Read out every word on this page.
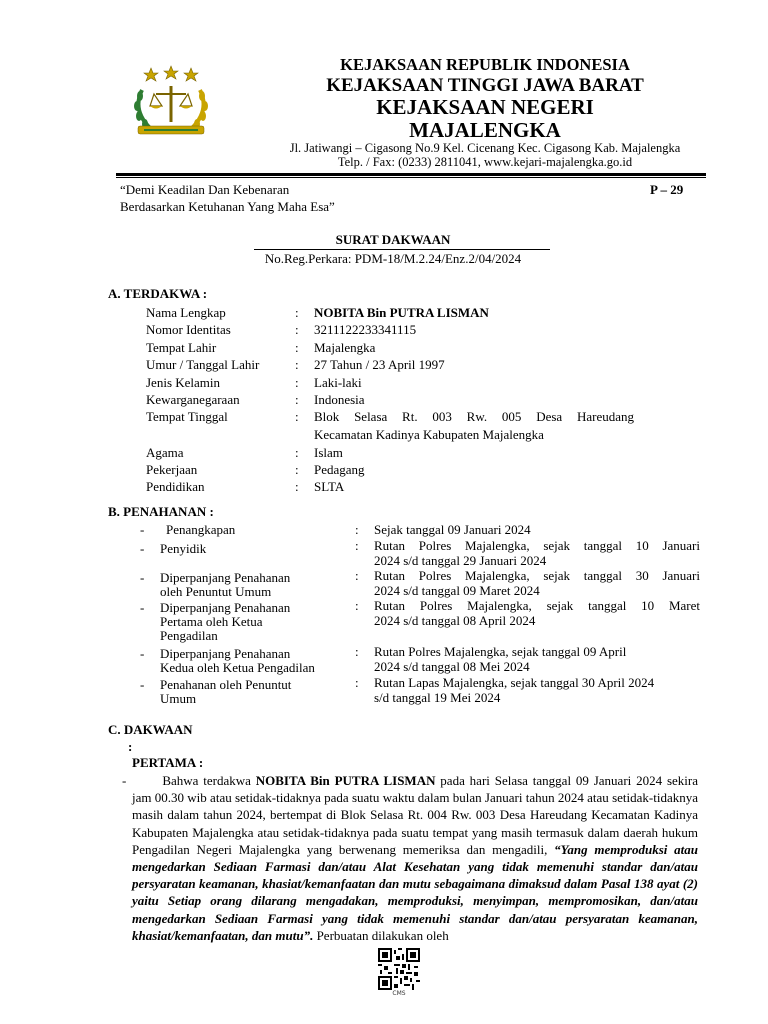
KEJAKSAAN REPUBLIK INDONESIA
KEJAKSAAN TINGGI JAWA BARAT
KEJAKSAAN NEGERI
MAJALENGKA
Jl. Jatiwangi – Cigasong No.9 Kel. Cicenang Kec. Cigasong Kab. Majalengka
Telp. / Fax: (0233) 2811041, www.kejari-majalengka.go.id
“Demi Keadilan Dan Kebenaran
Berdasarkan Ketuhanan Yang Maha Esa”
P – 29
SURAT DAKWAAN
No.Reg.Perkara: PDM-18/M.2.24/Enz.2/04/2024
A. TERDAKWA :
Nama Lengkap	: NOBITA Bin PUTRA LISMAN
Nomor Identitas	: 3211122233341115
Tempat Lahir	: Majalengka
Umur / Tanggal Lahir	: 27 Tahun / 23 April 1997
Jenis Kelamin	: Laki-laki
Kewarganegaraan	: Indonesia
Tempat Tinggal	: Blok Selasa Rt. 003 Rw. 005 Desa Hareudang
Kecamatan Kadinya Kabupaten Majalengka
Agama	: Islam
Pekerjaan	: Pedagang
Pendidikan	: SLTA
B. PENAHANAN :
- Penangkapan	: Sejak tanggal 09 Januari 2024
- Penyidik	: Rutan Polres Majalengka, sejak tanggal 10 Januari
2024 s/d tanggal 29 Januari 2024
- Diperpanjang Penahanan
oleh Penuntut Umum
: Rutan Polres Majalengka, sejak tanggal 30 Januari
2024 s/d tanggal 09 Maret 2024
- Diperpanjang Penahanan
Pertama oleh Ketua
Pengadilan
: Rutan Polres Majalengka, sejak tanggal 10 Maret
2024 s/d tanggal 08 April 2024
- Diperpanjang Penahanan
Kedua oleh Ketua Pengadilan
: Rutan Polres Majalengka, sejak tanggal 09 April
2024 s/d tanggal 08 Mei 2024
- Penahanan oleh Penuntut
Umum
: Rutan Lapas Majalengka, sejak tanggal 30 April 2024
s/d tanggal 19 Mei 2024
C. DAKWAAN
:
PERTAMA :
-	Bahwa terdakwa NOBITA Bin PUTRA LISMAN pada hari Selasa tanggal 09 Januari 2024 sekira jam 00.30 wib atau setidak-tidaknya pada suatu waktu dalam bulan Januari tahun 2024 atau setidak-tidaknya masih dalam tahun 2024, bertempat di Blok Selasa Rt. 004 Rw. 003 Desa Hareudang Kecamatan Kadinya Kabupaten Majalengka atau setidak-tidaknya pada suatu tempat yang masih termasuk dalam daerah hukum Pengadilan Negeri Majalengka yang berwenang memeriksa dan mengadili, “Yang memproduksi atau mengedarkan Sediaan Farmasi dan/atau Alat Kesehatan yang tidak memenuhi standar dan/atau persyaratan keamanan, khasiat/kemanfaatan dan mutu sebagaimana dimaksud dalam Pasal 138 ayat (2) yaitu Setiap orang dilarang mengadakan, memproduksi, menyimpan, mempromosikan, dan/atau mengedarkan Sediaan Farmasi yang tidak memenuhi standar dan/atau persyaratan keamanan, khasiat/kemanfaatan, dan mutu”. Perbuatan dilakukan oleh
CMS
